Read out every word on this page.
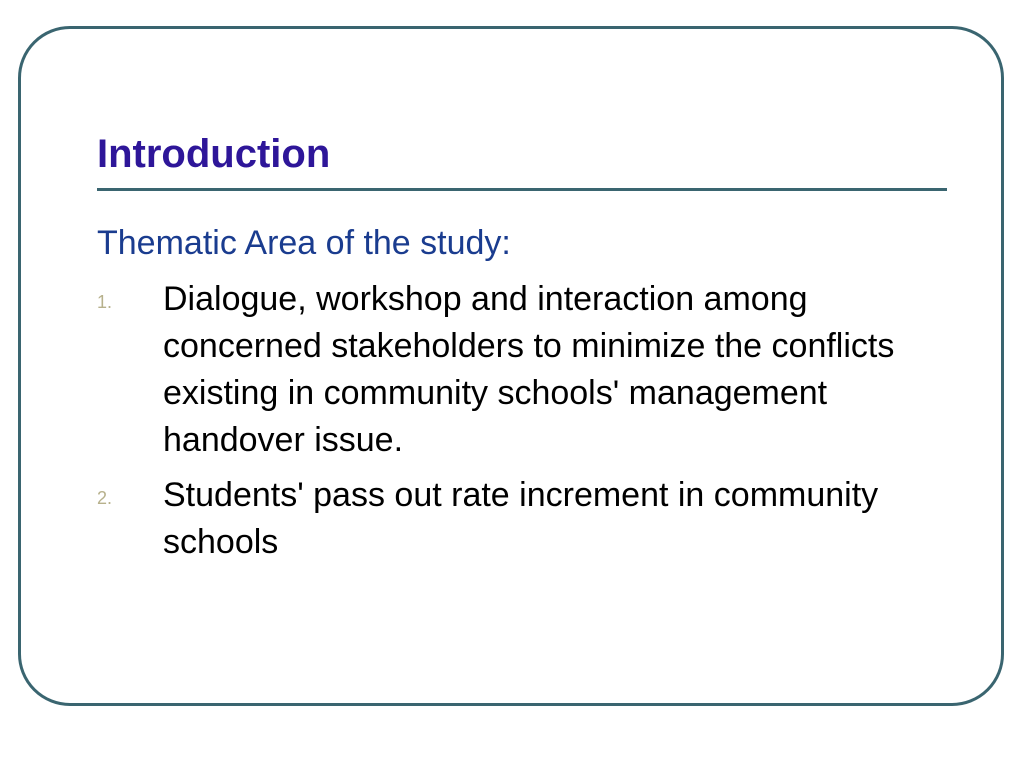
Introduction
Thematic Area of the study:
1. Dialogue, workshop and interaction among concerned stakeholders to minimize the conflicts existing in community schools' management handover issue.
2. Students' pass out rate increment in community schools
